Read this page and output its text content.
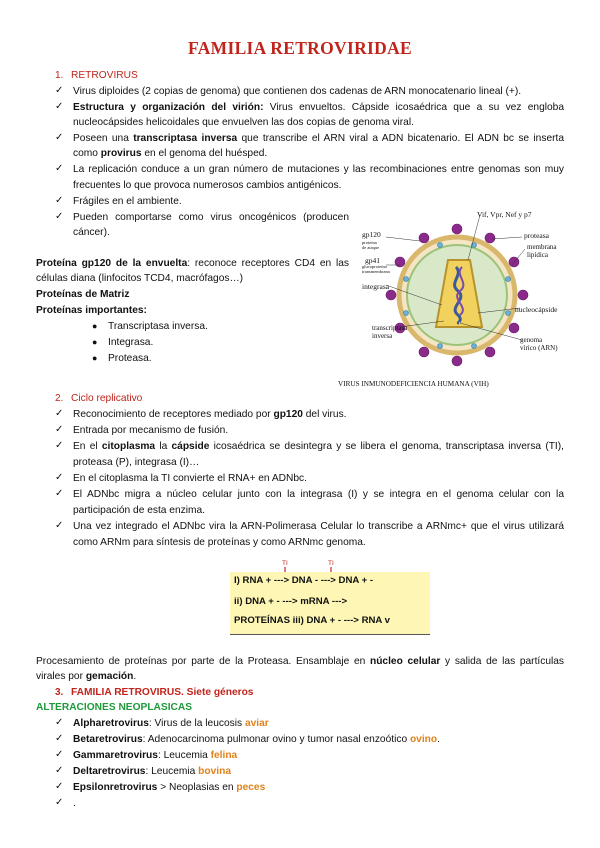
FAMILIA RETROVIRIDAE
1. RETROVIRUS
✓ Virus diploides (2 copias de genoma) que contienen dos cadenas de ARN monocatenario lineal (+).
✓ Estructura y organización del virión: Virus envueltos. Cápside icosaédrica que a su vez engloba
nucleocápsides helicoidales que envuelven las dos copias de genoma viral.
✓ Poseen una transcriptasa inversa que transcribe el ARN viral a ADN bicatenario. El ADN bc se inserta
como provirus en el genoma del huésped.
✓ La replicación conduce a un gran número de mutaciones y las recombinaciones entre genomas son muy
frecuentes lo que provoca numerosos cambios antigénicos.
✓ Frágiles en el ambiente.
✓ Pueden comportarse como virus oncogénicos (producen
cáncer).
Proteína gp120 de la envuelta: reconoce receptores CD4 en las
células diana (linfocitos TCD4, macrófagos…)
Proteínas de Matriz
Proteínas importantes:
● Transcriptasa inversa.
● Integrasa.
● Proteasa.
Vif, Vpr, Nef y p7
gp120
proteína
de ataque
proteasa
membrana
lipídica
gp41
glucoproteína
transmembrana
integrasa
nucleocápside
transcriptasa
inversa	genoma
vírico (ARN)
VIRUS INMUNODEFICIENCIA HUMANA (VIH)
2. Ciclo replicativo
✓ Reconocimiento de receptores mediado por gp120 del virus.
✓ Entrada por mecanismo de fusión.
✓ En el citoplasma la cápside icosaédrica se desintegra y se libera el genoma, transcriptasa inversa (TI),
proteasa (P), integrasa (I)…
✓ En el citoplasma la TI convierte el RNA+ en ADNbc.
✓ El ADNbc migra a núcleo celular junto con la integrasa (I) y se integra en el genoma celular con la
participación de esta enzima.
✓ Una vez integrado el ADNbc vira la ARN-Polimerasa Celular lo transcribe a ARNmc+ que el virus utilizará
como ARNm para síntesis de proteínas y como ARNmc genoma.
TI	TI
I) RNA + ---> DNA - ---> DNA + -
ii) DNA + - ---> mRNA --->
PROTEÍNAS iii) DNA + - ---> RNA v
Procesamiento de proteínas por parte de la Proteasa. Ensamblaje en núcleo celular y salida de las partículas
virales por gemación.
3. FAMILIA RETROVIRUS. Siete géneros
ALTERACIONES NEOPLASICAS
✓ Alpharetrovirus: Virus de la leucosis aviar
✓ Betaretrovirus: Adenocarcinoma pulmonar ovino y tumor nasal enzoótico ovino.
✓ Gammaretrovirus: Leucemia felina
✓ Deltaretrovirus: Leucemia bovina
✓ Epsilonretrovirus > Neoplasias en peces
✓ .
